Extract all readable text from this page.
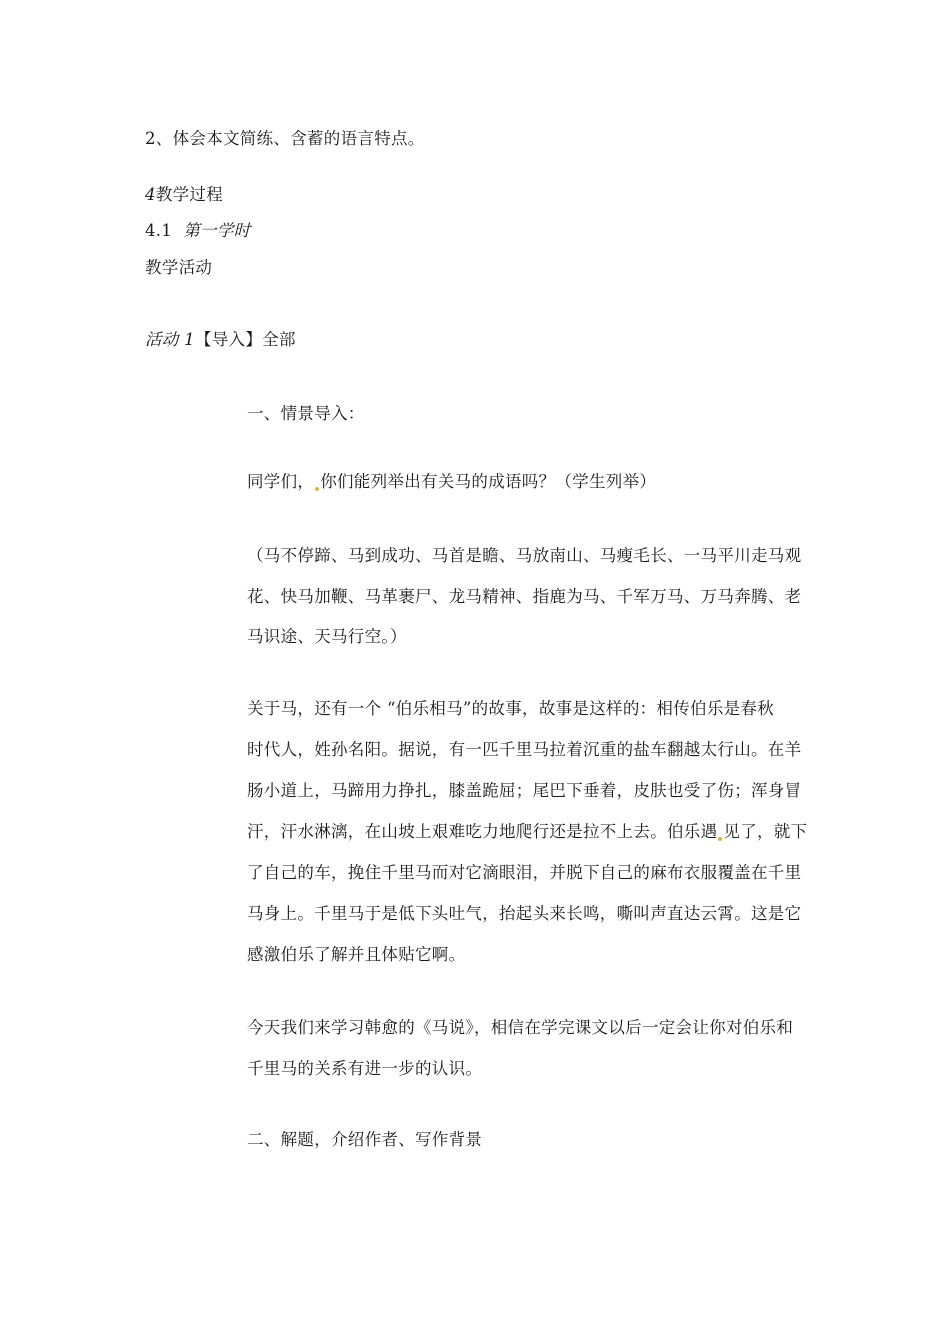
2、体会本文简练、含蓄的语言特点。
4教学过程
4.1 第一学时
教学活动
活动 1【导入】全部
一、情景导入：
同学们， 你们能列举出有关马的成语吗？（学生列举）
（马不停蹄、马到成功、马首是瞻、马放南山、马瘦毛长、一马平川走马观
花、快马加鞭、马革裹尸、龙马精神、指鹿为马、千军万马、万马奔腾、老
马识途、天马行空。）
关于马，还有一个 “伯乐相马”的故事，故事是这样的：相传伯乐是春秋
时代人，姓孙名阳。据说，有一匹千里马拉着沉重的盐车翻越太行山。在羊
肠小道上，马蹄用力挣扎，膝盖跪屈；尾巴下垂着，皮肤也受了伤；浑身冒
汗，汗水淋漓，在山坡上艰难吃力地爬行还是拉不上去。伯乐遇 见了，就下
了自己的车，挽住千里马而对它滴眼泪，并脱下自己的麻布衣服覆盖在千里
马身上。千里马于是低下头吐气，抬起头来长鸣，嘶叫声直达云霄。这是它
感激伯乐了解并且体贴它啊。
今天我们来学习韩愈的《马说》，相信在学完课文以后一定会让你对伯乐和
千里马的关系有进一步的认识。
二、解题，介绍作者、写作背景
